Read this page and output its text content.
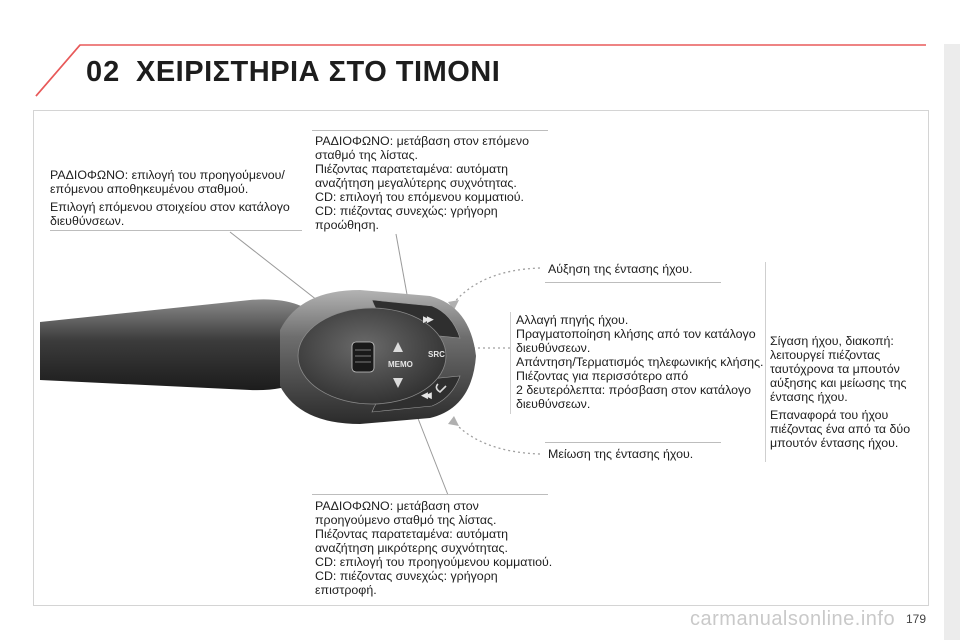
02 ΧΕΙΡΙΣΤΗΡΙΑ ΣΤΟ ΤΙΜΟΝΙ
MEMO
SRC
▶▶
◀◀

ΡΑΔΙΟΦΩΝΟ: επιλογή του προηγούμενου/ επόμενου αποθηκευμένου σταθμού.

Επιλογή επόμενου στοιχείου στον κατάλογο διευθύνσεων.

ΡΑΔΙΟΦΩΝΟ: μετάβαση στον επόμενο
σταθμό της λίστας.
Πιέζοντας παρατεταμένα: αυτόματη
αναζήτηση μεγαλύτερης συχνότητας.
CD: επιλογή του επόμενου κομματιού.
CD: πιέζοντας συνεχώς: γρήγορη
προώθηση.
Αύξηση της έντασης ήχου.
Αλλαγή πηγής ήχου.
Πραγματοποίηση κλήσης από τον κατάλογο
διευθύνσεων.
Απάντηση/Τερματισμός τηλεφωνικής κλήσης.
Πιέζοντας για περισσότερο από
2 δευτερόλεπτα: πρόσβαση στον κατάλογο
διευθύνσεων.
Μείωση της έντασης ήχου.
Σίγαση ήχου, διακοπή:
λειτουργεί πιέζοντας
ταυτόχρονα τα μπουτόν
αύξησης και μείωσης της
έντασης ήχου.
Επαναφορά του ήχου
πιέζοντας ένα από τα δύο
μπουτόν έντασης ήχου.
ΡΑΔΙΟΦΩΝΟ: μετάβαση στον
προηγούμενο σταθμό της λίστας.
Πιέζοντας παρατεταμένα: αυτόματη
αναζήτηση μικρότερης συχνότητας.
CD: επιλογή του προηγούμενου κομματιού.
CD: πιέζοντας συνεχώς: γρήγορη
επιστροφή.
carmanualsonline.info 179
